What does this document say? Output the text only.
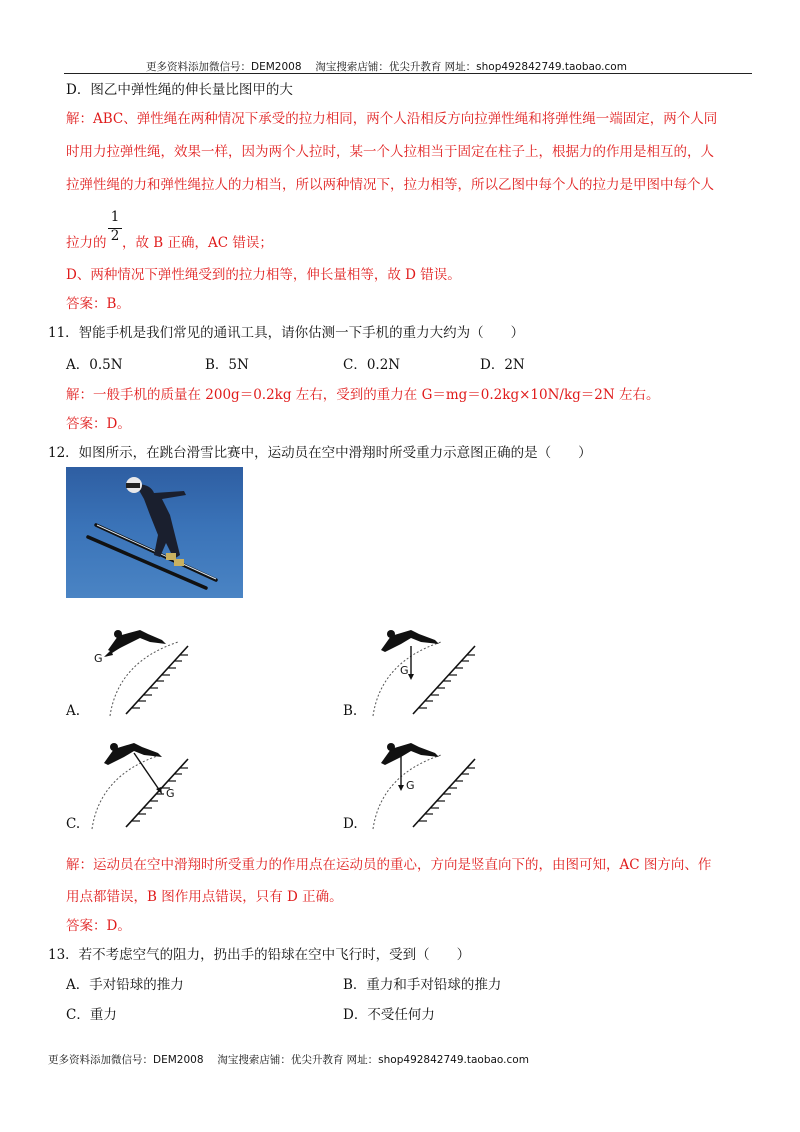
更多资料添加微信号：DEM2008　 淘宝搜索店铺：优尖升教育 网址：shop492842749.taobao.com
D．图乙中弹性绳的伸长量比图甲的大
解：ABC、弹性绳在两种情况下承受的拉力相同，两个人沿相反方向拉弹性绳和将弹性绳一端固定，两个人同
时用力拉弹性绳，效果一样，因为两个人拉时，某一个人拉相当于固定在柱子上，根据力的作用是相互的，人
拉弹性绳的力和弹性绳拉人的力相当，所以两种情况下，拉力相等，所以乙图中每个人的拉力是甲图中每个人
拉力的
1
2 ，故 B 正确，AC 错误；
D、两种情况下弹性绳受到的拉力相等，伸长量相等，故 D 错误。
答案：B。
11．智能手机是我们常见的通讯工具，请你估测一下手机的重力大约为（　　）
A．0.5N	B．5N	C．0.2N	D．2N
解：一般手机的质量在 200g＝0.2kg 左右，受到的重力在 G＝mg＝0.2kg×10N/kg＝2N 左右。
答案：D。
12．如图所示，在跳台滑雪比赛中，运动员在空中滑翔时所受重力示意图正确的是（　　）
G
A.
G
B.
G
C.
G
D.
解：运动员在空中滑翔时所受重力的作用点在运动员的重心，方向是竖直向下的，由图可知，AC 图方向、作
用点都错误，B 图作用点错误，只有 D 正确。
答案：D。
13．若不考虑空气的阻力，扔出手的铅球在空中飞行时，受到（　　）
A．手对铅球的推力	B．重力和手对铅球的推力
C．重力	D．不受任何力
更多资料添加微信号：DEM2008　 淘宝搜索店铺：优尖升教育 网址：shop492842749.taobao.com
